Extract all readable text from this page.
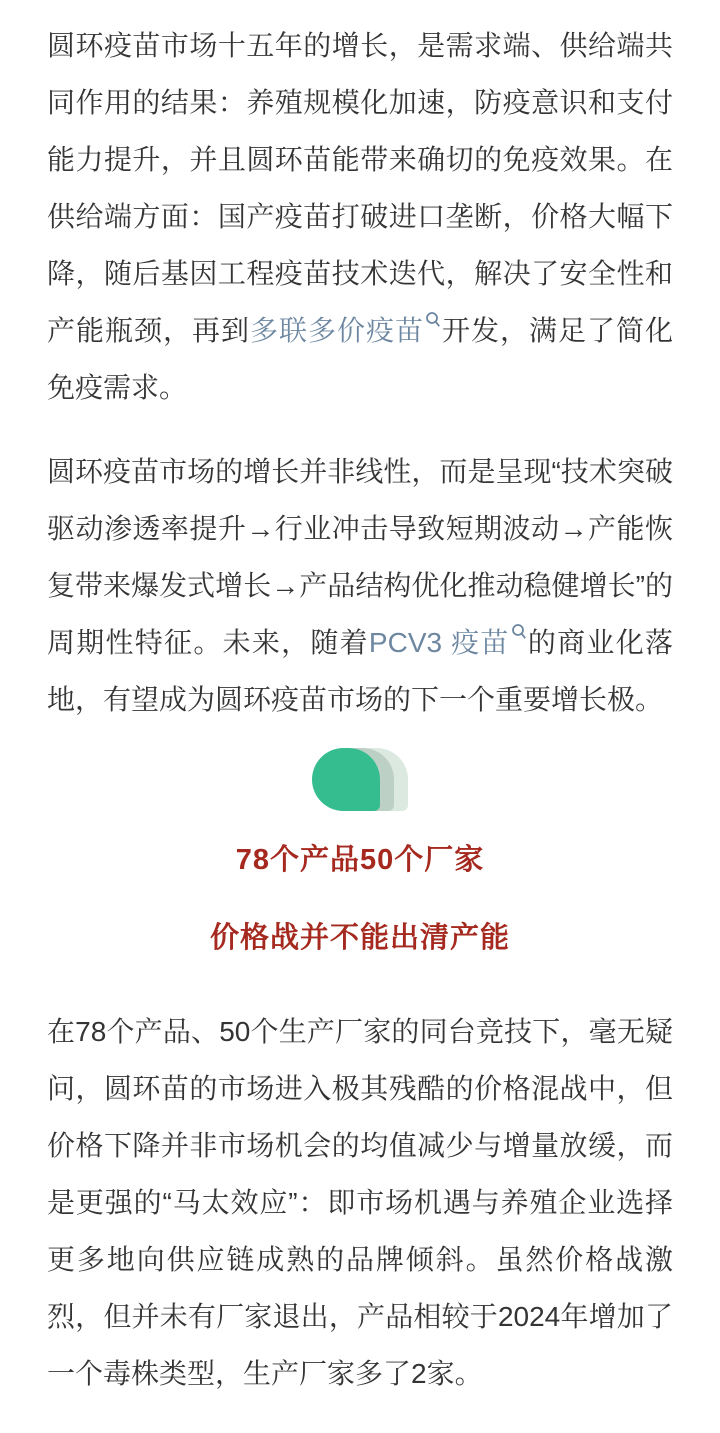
圆环疫苗市场十五年的增长，是需求端、供给端共同作用的结果：养殖规模化加速，防疫意识和支付能力提升，并且圆环苗能带来确切的免疫效果。在供给端方面：国产疫苗打破进口垄断，价格大幅下降，随后基因工程疫苗技术迭代，解决了安全性和产能瓶颈，再到多联多价疫苗 开发，满足了简化免疫需求。

圆环疫苗市场的增长并非线性，而是呈现“技术突破驱动渗透率提升→行业冲击导致短期波动→产能恢复带来爆发式增长→产品结构优化推动稳健增长”的周期性特征。未来，随着PCV3 疫苗 的商业化落地，有望成为圆环疫苗市场的下一个重要增长极。

78个产品50个厂家
价格战并不能出清产能

在78个产品、50个生产厂家的同台竞技下，毫无疑问，圆环苗的市场进入极其残酷的价格混战中，但价格下降并非市场机会的均值减少与增量放缓，而是更强的“马太效应”：即市场机遇与养殖企业选择更多地向供应链成熟的品牌倾斜。虽然价格战激烈，但并未有厂家退出，产品相较于2024年增加了一个毒株类型，生产厂家多了2家。
